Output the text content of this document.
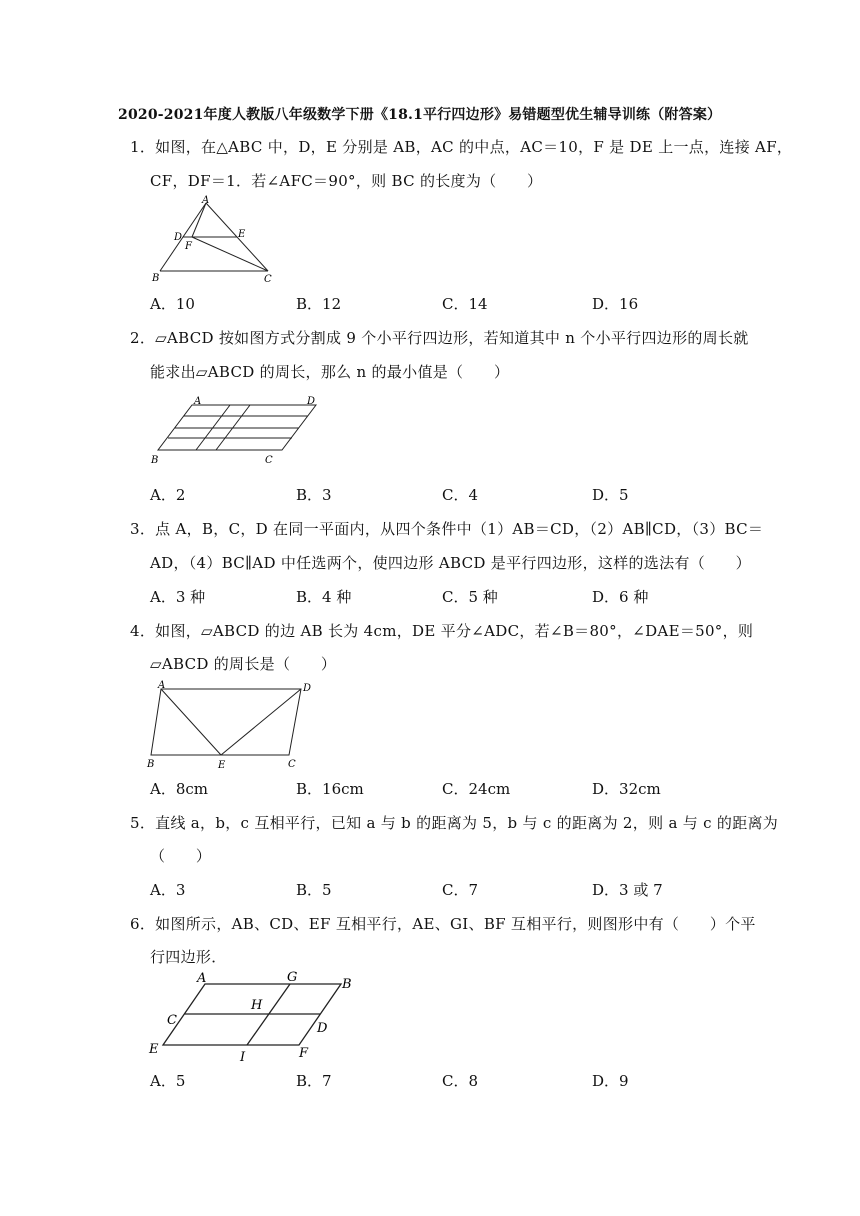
2020-2021年度人教版八年级数学下册《18.1平行四边形》易错题型优生辅导训练（附答案）
1．如图，在△ABC 中，D，E 分别是 AB，AC 的中点，AC＝10，F 是 DE 上一点，连接 AF，
CF，DF＝1．若∠AFC＝90°，则 BC 的长度为（　　）
A
D	E
F
B	C
A．10	B．12	C．14	D．16
2．▱ABCD 按如图方式分割成 9 个小平行四边形，若知道其中 n 个小平行四边形的周长就
能求出▱ABCD 的周长，那么 n 的最小值是（　　）
A	D
B	C
A．2	B．3	C．4	D．5
3．点 A，B，C，D 在同一平面内，从四个条件中（1）AB＝CD，（2）AB∥CD，（3）BC＝
AD，（4）BC∥AD 中任选两个，使四边形 ABCD 是平行四边形，这样的选法有（　　）
A．3 种	B．4 种	C．5 种	D．6 种
4．如图，▱ABCD 的边 AB 长为 4cm，DE 平分∠ADC，若∠B＝80°，∠DAE＝50°，则
▱ABCD 的周长是（　　）
A	D
B	E	C
A．8cm	B．16cm	C．24cm	D．32cm
5．直线 a，b，c 互相平行，已知 a 与 b 的距离为 5，b 与 c 的距离为 2，则 a 与 c 的距离为
（　　）
A．3	B．5	C．7	D．3 或 7
6．如图所示，AB、CD、EF 互相平行，AE、GI、BF 互相平行，则图形中有（　　）个平
行四边形．
A	G	B
C
H
D
E
I	F
A．5	B．7	C．8	D．9
